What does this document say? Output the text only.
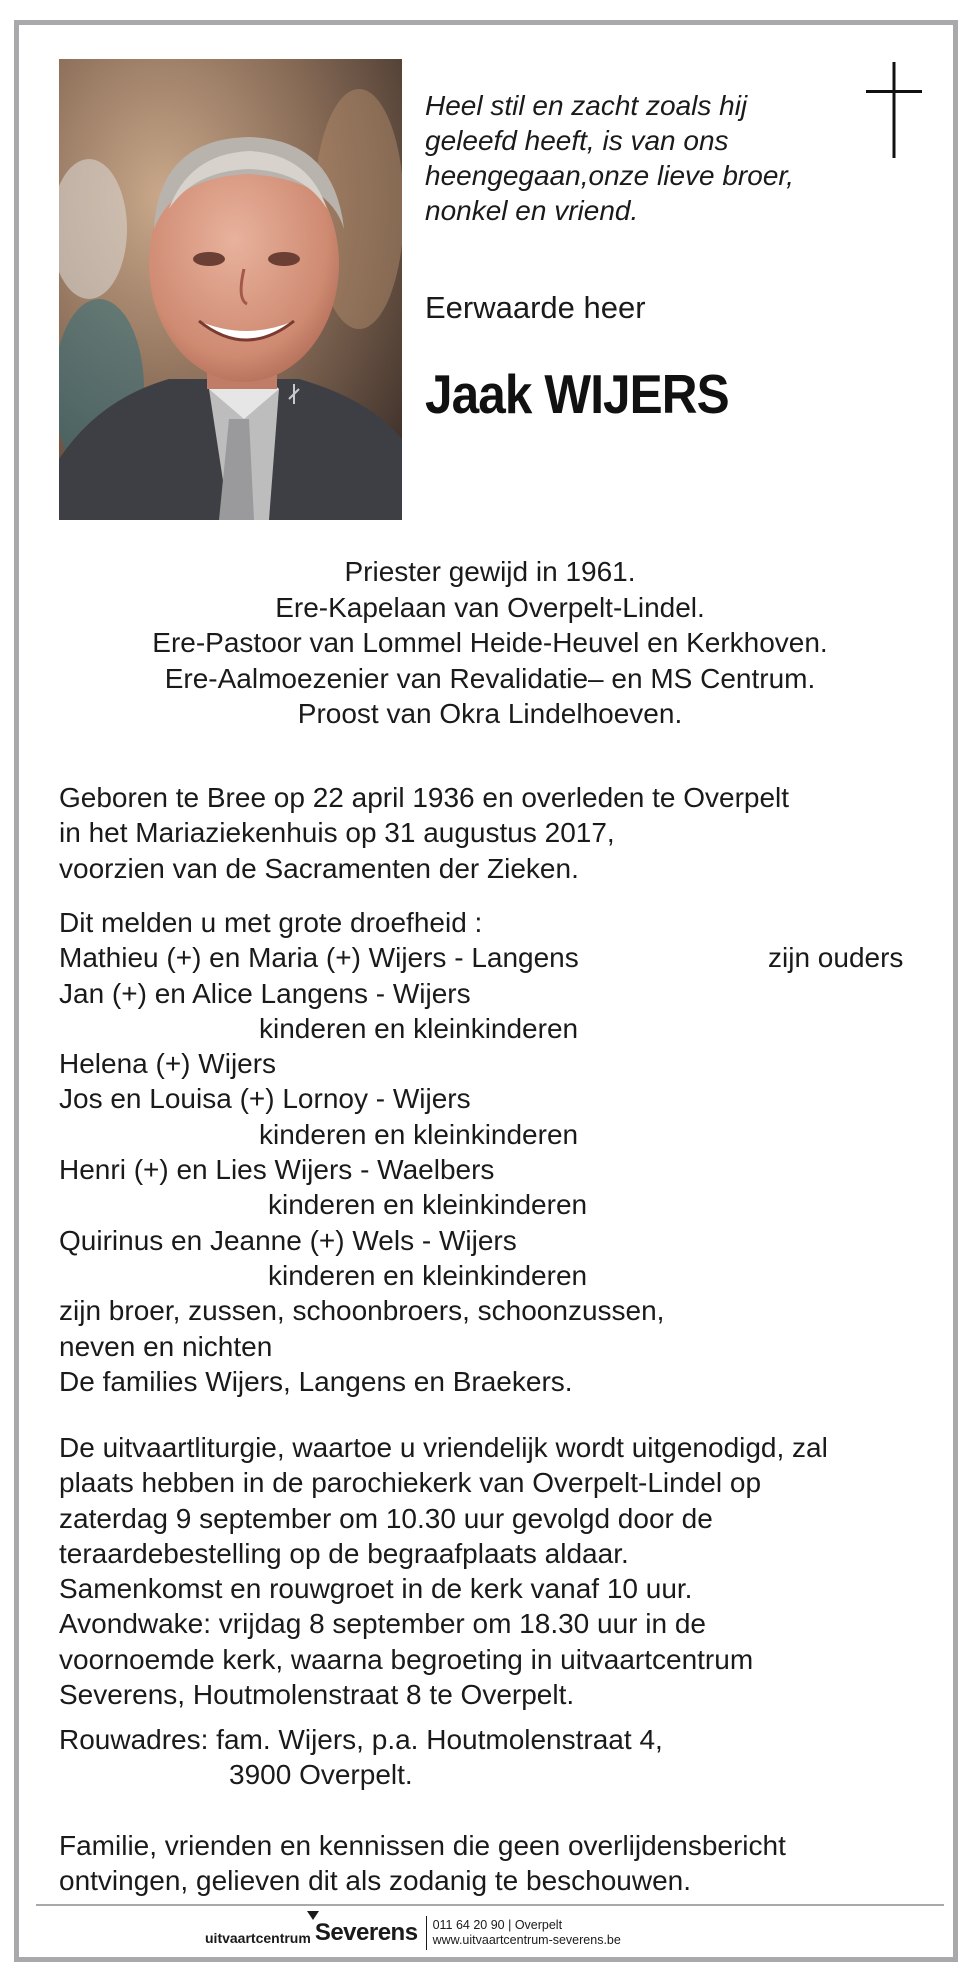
Heel stil en zacht zoals hij
geleefd heeft, is van ons
heengegaan,onze lieve broer,
nonkel en vriend.
Eerwaarde heer
Jaak WIJERS
Priester gewijd in 1961.
Ere-Kapelaan van Overpelt-Lindel.
Ere-Pastoor van Lommel Heide-Heuvel en Kerkhoven.
Ere-Aalmoezenier van Revalidatie– en MS Centrum.
Proost van Okra Lindelhoeven.
Geboren te Bree op 22 april 1936 en overleden te Overpelt
in het Mariaziekenhuis op 31 augustus 2017,
voorzien van de Sacramenten der Zieken.
Dit melden u met grote droefheid :
Mathieu (+) en Maria (+) Wijers - Langens	zijn ouders
Jan (+) en Alice Langens - Wijers
kinderen en kleinkinderen
Helena (+) Wijers
Jos en Louisa (+) Lornoy - Wijers
kinderen en kleinkinderen
Henri (+) en Lies Wijers - Waelbers
kinderen en kleinkinderen
Quirinus en Jeanne (+) Wels - Wijers
kinderen en kleinkinderen
zijn broer, zussen, schoonbroers, schoonzussen,
neven en nichten
De families Wijers, Langens en Braekers.
De uitvaartliturgie, waartoe u vriendelijk wordt uitgenodigd, zal
plaats hebben in de parochiekerk van Overpelt-Lindel op
zaterdag 9 september om 10.30 uur gevolgd door de
teraardebestelling op de begraafplaats aldaar.
Samenkomst en rouwgroet in de kerk vanaf 10 uur.
Avondwake: vrijdag 8 september om 18.30 uur in de
voornoemde kerk, waarna begroeting in uitvaartcentrum
Severens, Houtmolenstraat 8 te Overpelt.
Rouwadres: fam. Wijers, p.a. Houtmolenstraat 4,
3900 Overpelt.
Familie, vrienden en kennissen die geen overlijdensbericht
ontvingen, gelieven dit als zodanig te beschouwen.
uitvaartcentrum Severens 011 64 20 90 | Overpelt
www.uitvaartcentrum-severens.be
